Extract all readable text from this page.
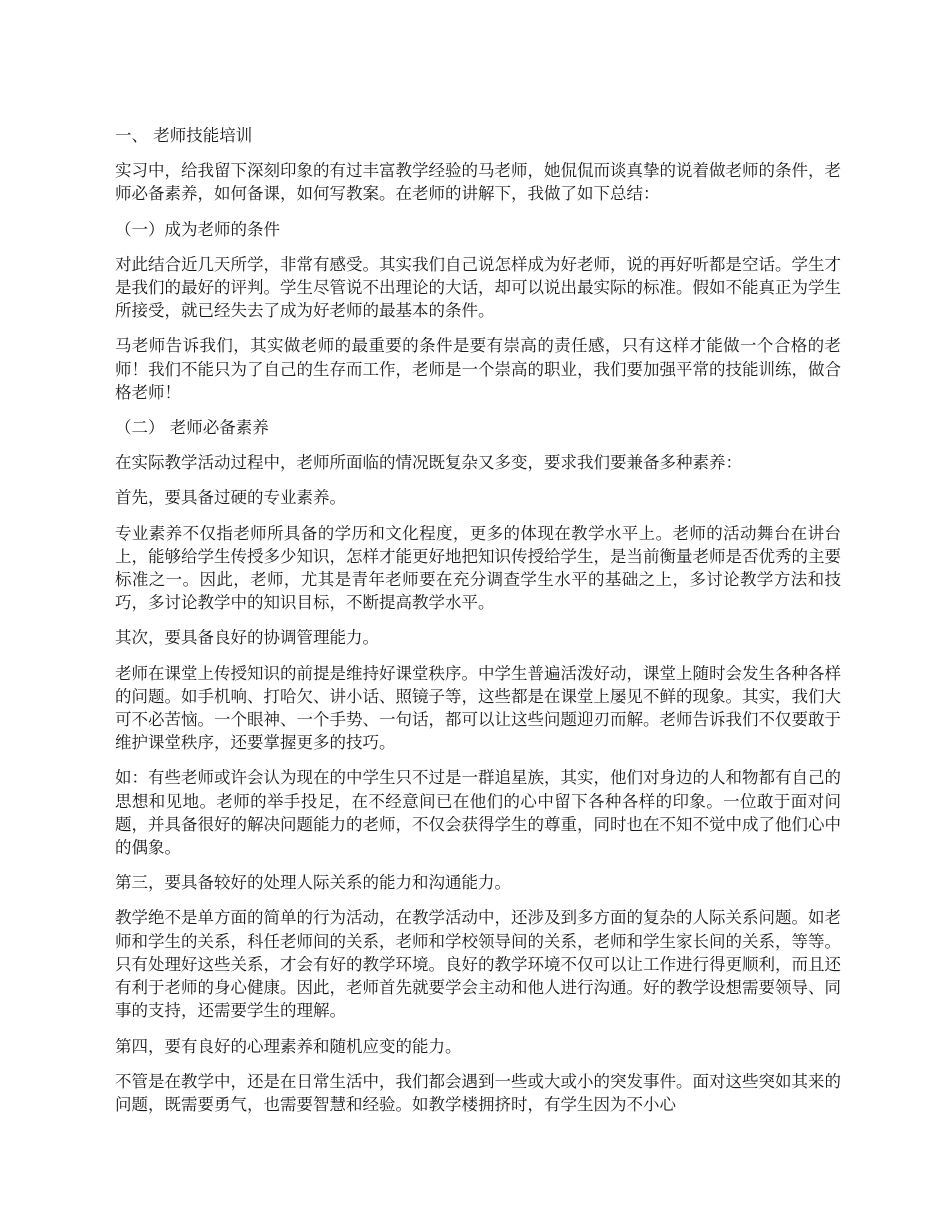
一、 老师技能培训

实习中，给我留下深刻印象的有过丰富教学经验的马老师，她侃侃而谈真挚的说着做老师的条件，老师必备素养，如何备课，如何写教案。在老师的讲解下，我做了如下总结：

（一）成为老师的条件

对此结合近几天所学，非常有感受。其实我们自己说怎样成为好老师，说的再好听都是空话。学生才是我们的最好的评判。学生尽管说不出理论的大话，却可以说出最实际的标准。假如不能真正为学生所接受，就已经失去了成为好老师的最基本的条件。

马老师告诉我们，其实做老师的最重要的条件是要有崇高的责任感，只有这样才能做一个合格的老师！我们不能只为了自己的生存而工作，老师是一个崇高的职业，我们要加强平常的技能训练，做合格老师！

（二） 老师必备素养

在实际教学活动过程中，老师所面临的情况既复杂又多变，要求我们要兼备多种素养：

首先，要具备过硬的专业素养。

专业素养不仅指老师所具备的学历和文化程度，更多的体现在教学水平上。老师的活动舞台在讲台上，能够给学生传授多少知识，怎样才能更好地把知识传授给学生，是当前衡量老师是否优秀的主要标准之一。因此，老师，尤其是青年老师要在充分调查学生水平的基础之上，多讨论教学方法和技巧，多讨论教学中的知识目标，不断提高教学水平。

其次，要具备良好的协调管理能力。

老师在课堂上传授知识的前提是维持好课堂秩序。中学生普遍活泼好动，课堂上随时会发生各种各样的问题。如手机响、打哈欠、讲小话、照镜子等，这些都是在课堂上屡见不鲜的现象。其实，我们大可不必苦恼。一个眼神、一个手势、一句话，都可以让这些问题迎刃而解。老师告诉我们不仅要敢于维护课堂秩序，还要掌握更多的技巧。

如：有些老师或许会认为现在的中学生只不过是一群追星族，其实，他们对身边的人和物都有自己的思想和见地。老师的举手投足，在不经意间已在他们的心中留下各种各样的印象。一位敢于面对问题，并具备很好的解决问题能力的老师，不仅会获得学生的尊重，同时也在不知不觉中成了他们心中的偶象。

第三，要具备较好的处理人际关系的能力和沟通能力。

教学绝不是单方面的简单的行为活动，在教学活动中，还涉及到多方面的复杂的人际关系问题。如老师和学生的关系，科任老师间的关系，老师和学校领导间的关系，老师和学生家长间的关系，等等。只有处理好这些关系，才会有好的教学环境。良好的教学环境不仅可以让工作进行得更顺利，而且还有利于老师的身心健康。因此，老师首先就要学会主动和他人进行沟通。好的教学设想需要领导、同事的支持，还需要学生的理解。

第四，要有良好的心理素养和随机应变的能力。

不管是在教学中，还是在日常生活中，我们都会遇到一些或大或小的突发事件。面对这些突如其来的问题，既需要勇气，也需要智慧和经验。如教学楼拥挤时，有学生因为不小心
